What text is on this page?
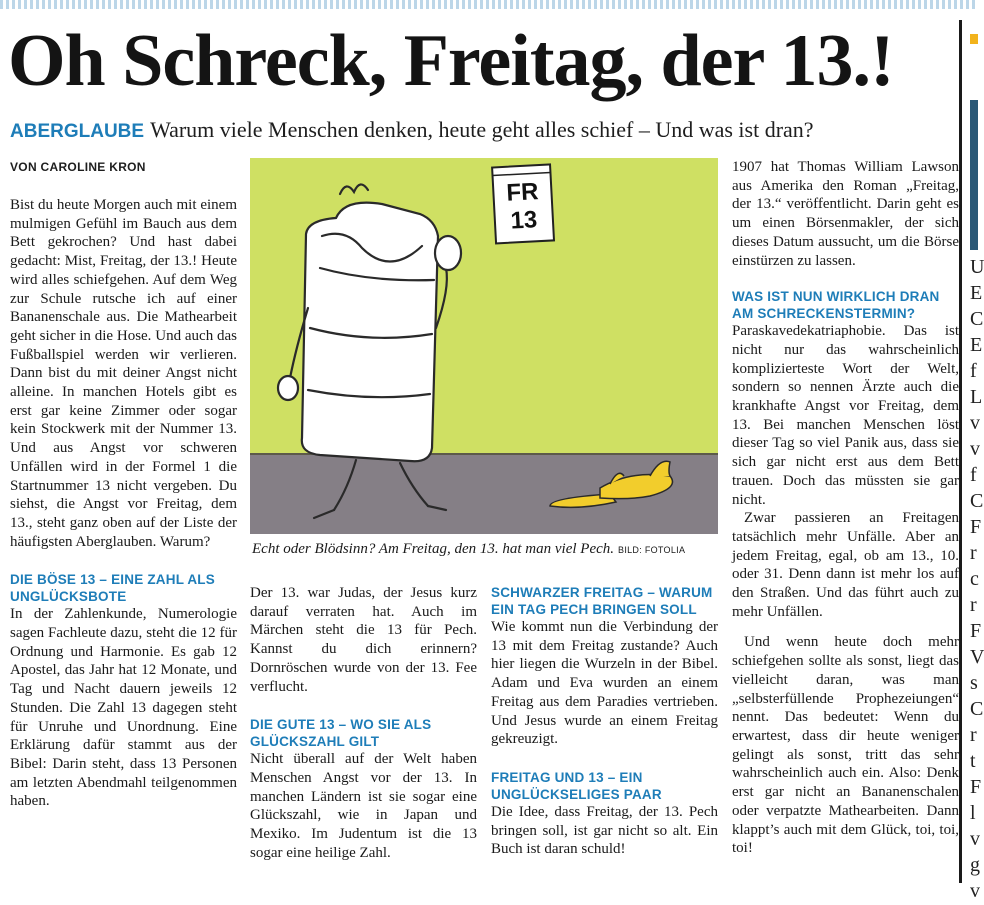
U
E
C
E
f
L
v
v
f
C
F
r
c
r
F
V
s
C
r
t
F
l
v
g
v
Oh Schreck, Freitag, der 13.!
ABERGLAUBE Warum viele Menschen denken, heute geht alles schief – Und was ist dran?
VON CAROLINE KRON

Bist du heute Morgen auch mit einem mulmigen Gefühl im Bauch aus dem Bett gekrochen? Und hast dabei gedacht: Mist, Freitag, der 13.! Heute wird alles schiefgehen. Auf dem Weg zur Schule rutsche ich auf einer Bananenschale aus. Die Mathearbeit geht sicher in die Hose. Und auch das Fußballspiel werden wir verlieren. Dann bist du mit deiner Angst nicht alleine. In manchen Hotels gibt es erst gar keine Zimmer oder sogar kein Stockwerk mit der Nummer 13. Und aus Angst vor schweren Unfällen wird in der Formel 1 die Startnummer 13 nicht vergeben. Du siehst, die Angst vor Freitag, dem 13., steht ganz oben auf der Liste der häufigsten Aberglauben. Warum?

DIE BÖSE 13 – EINE ZAHL ALS UNGLÜCKSBOTE

In der Zahlenkunde, Numerologie sagen Fachleute dazu, steht die 12 für Ordnung und Harmonie. Es gab 12 Apostel, das Jahr hat 12 Monate, und Tag und Nacht dauern jeweils 12 Stunden. Die Zahl 13 dagegen steht für Unruhe und Unordnung. Eine Erklärung dafür stammt aus der Bibel: Darin steht, dass 13 Personen am letzten Abendmahl teilgenommen haben.

FR
13
Echt oder Blödsinn? Am Freitag, den 13. hat man viel Pech. BILD: FOTOLIA

Der 13. war Judas, der Jesus kurz darauf verraten hat. Auch im Märchen steht die 13 für Pech. Kannst du dich erinnern? Dornröschen wurde von der 13. Fee verflucht.

DIE GUTE 13 – WO SIE ALS GLÜCKSZAHL GILT

Nicht überall auf der Welt haben Menschen Angst vor der 13. In manchen Ländern ist sie sogar eine Glückszahl, wie in Japan und Mexiko. Im Judentum ist die 13 sogar eine heilige Zahl.

SCHWARZER FREITAG – WARUM EIN TAG PECH BRINGEN SOLL

Wie kommt nun die Verbindung der 13 mit dem Freitag zustande? Auch hier liegen die Wurzeln in der Bibel. Adam und Eva wurden an einem Freitag aus dem Paradies vertrieben. Und Jesus wurde an einem Freitag gekreuzigt.

FREITAG UND 13 – EIN UNGLÜCKSELIGES PAAR

Die Idee, dass Freitag, der 13. Pech bringen soll, ist gar nicht so alt. Ein Buch ist daran schuld!

1907 hat Thomas William Lawson aus Amerika den Roman „Freitag, der 13.“ veröffentlicht. Darin geht es um einen Börsenmakler, der sich dieses Datum aussucht, um die Börse einstürzen zu lassen.

WAS IST NUN WIRKLICH DRAN AM SCHRECKENSTERMIN?

Paraskavedekatriaphobie. Das ist nicht nur das wahrscheinlich komplizierteste Wort der Welt, sondern so nennen Ärzte auch die krankhafte Angst vor Freitag, dem 13. Bei manchen Menschen löst dieser Tag so viel Panik aus, dass sie sich gar nicht erst aus dem Bett trauen. Doch das müssten sie gar nicht.

Zwar passieren an Freitagen tatsächlich mehr Unfälle. Aber an jedem Freitag, egal, ob am 13., 10. oder 31. Denn dann ist mehr los auf den Straßen. Und das führt auch zu mehr Unfällen.

Und wenn heute doch mehr schiefgehen sollte als sonst, liegt das vielleicht daran, was man „selbsterfüllende Prophezeiungen“ nennt. Das bedeutet: Wenn du erwartest, dass dir heute weniger gelingt als sonst, tritt das sehr wahrscheinlich auch ein. Also: Denk erst gar nicht an Bananenschalen oder verpatzte Mathearbeiten. Dann klappt’s auch mit dem Glück, toi, toi, toi!
